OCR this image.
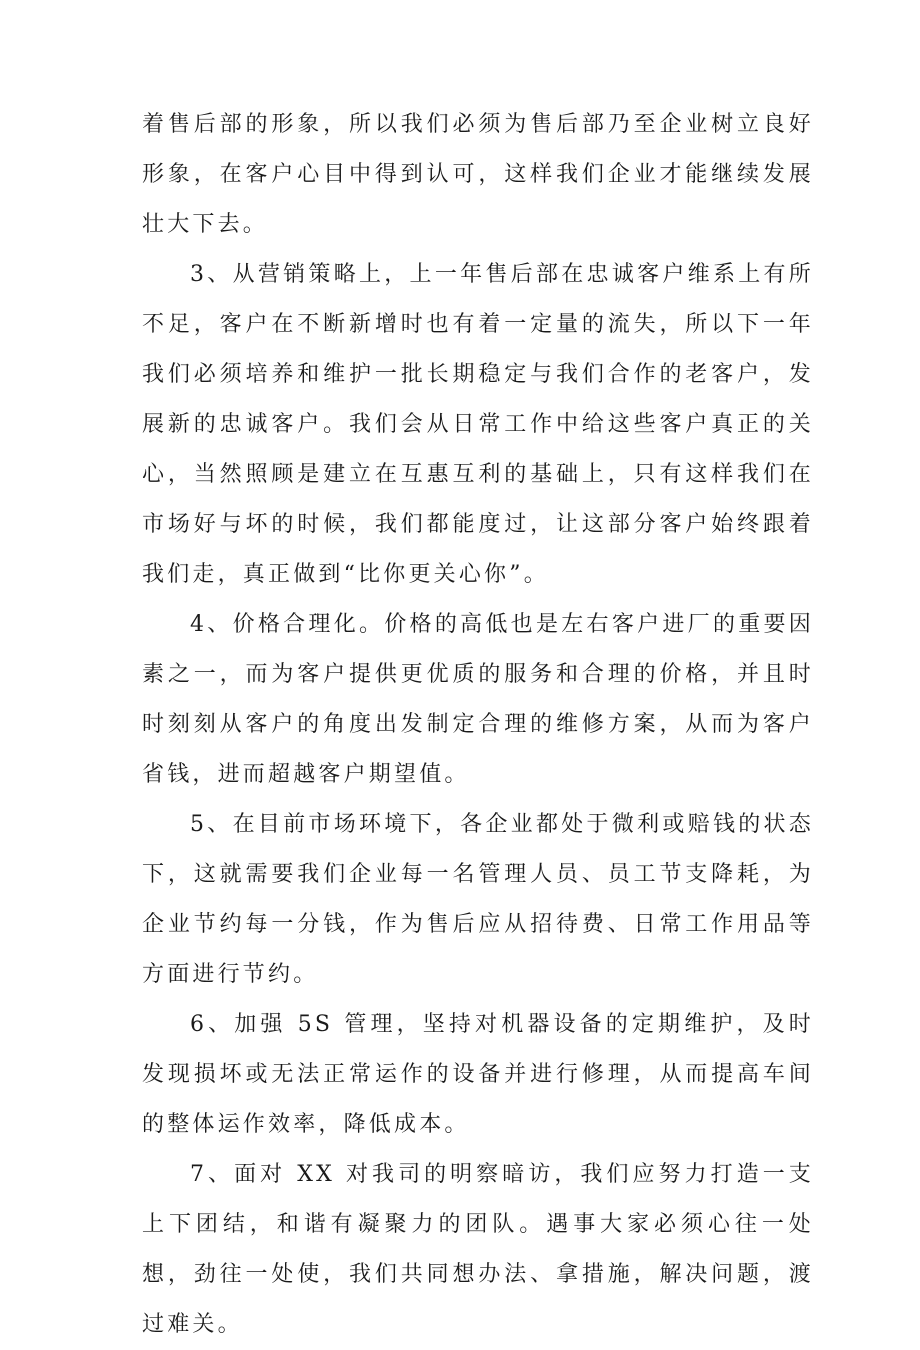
着售后部的形象，所以我们必须为售后部乃至企业树立良好形象，在客户心目中得到认可，这样我们企业才能继续发展壮大下去。

3、从营销策略上，上一年售后部在忠诚客户维系上有所不足，客户在不断新增时也有着一定量的流失，所以下一年我们必须培养和维护一批长期稳定与我们合作的老客户，发展新的忠诚客户。我们会从日常工作中给这些客户真正的关心，当然照顾是建立在互惠互利的基础上，只有这样我们在市场好与坏的时候，我们都能度过，让这部分客户始终跟着我们走，真正做到“比你更关心你”。

4、价格合理化。价格的高低也是左右客户进厂的重要因素之一，而为客户提供更优质的服务和合理的价格，并且时时刻刻从客户的角度出发制定合理的维修方案，从而为客户省钱，进而超越客户期望值。

5、在目前市场环境下，各企业都处于微利或赔钱的状态下，这就需要我们企业每一名管理人员、员工节支降耗，为企业节约每一分钱，作为售后应从招待费、日常工作用品等方面进行节约。

6、加强 5S 管理，坚持对机器设备的定期维护，及时发现损坏或无法正常运作的设备并进行修理，从而提高车间的整体运作效率，降低成本。

7、面对 XX 对我司的明察暗访，我们应努力打造一支上下团结，和谐有凝聚力的团队。遇事大家必须心往一处想，劲往一处使，我们共同想办法、拿措施，解决问题，渡过难关。
